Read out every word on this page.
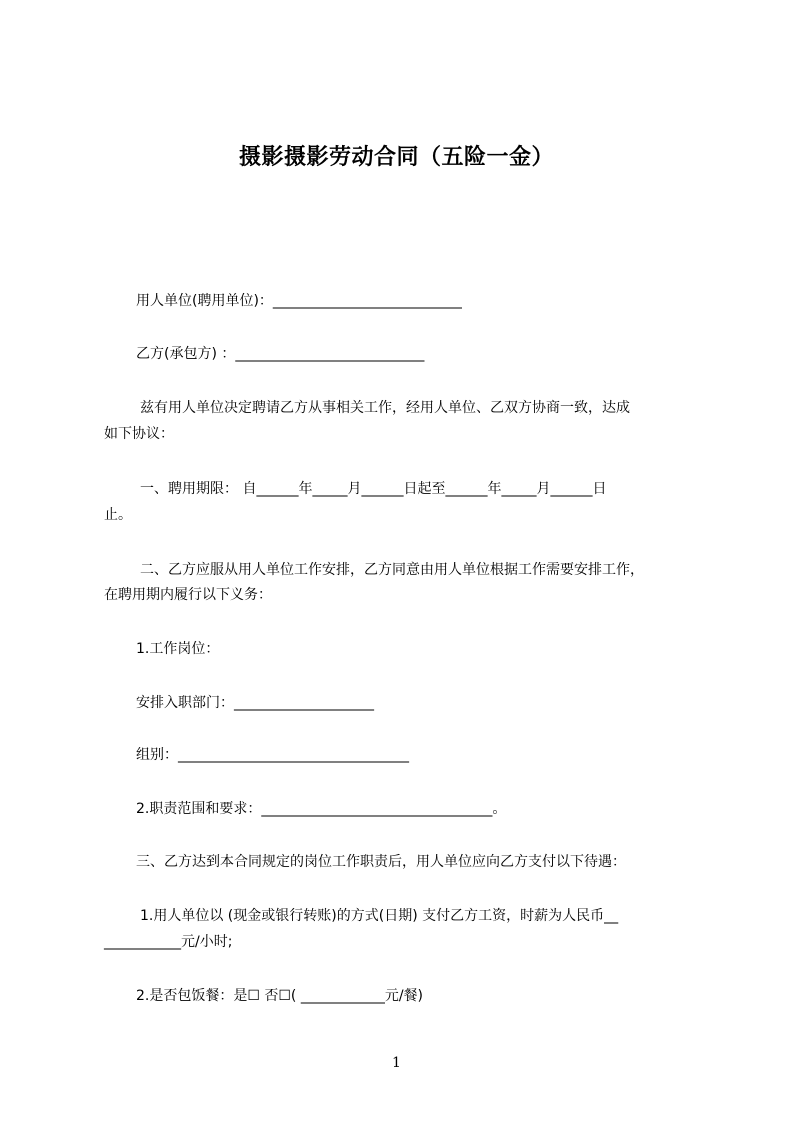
摄影摄影劳动合同（五险一金）
用人单位(聘用单位)：___________________________
乙方(承包方) ：___________________________
兹有用人单位决定聘请乙方从事相关工作，经用人单位、乙双方协商一致，达成
如下协议：
一、聘用期限： 自______年_____月______日起至______年_____月______日
止。
二、乙方应服从用人单位工作安排，乙方同意由用人单位根据工作需要安排工作，
在聘用期内履行以下义务：
1.工作岗位：
安排入职部门：____________________
组别：_________________________________
2.职责范围和要求：_________________________________。
三、乙方达到本合同规定的岗位工作职责后，用人单位应向乙方支付以下待遇：
1.用人单位以 (现金或银行转账)的方式(日期) 支付乙方工资，时薪为人民币__
___________元/小时;
2.是否包饭餐：是☐ 否☐( ____________元/餐)
1
